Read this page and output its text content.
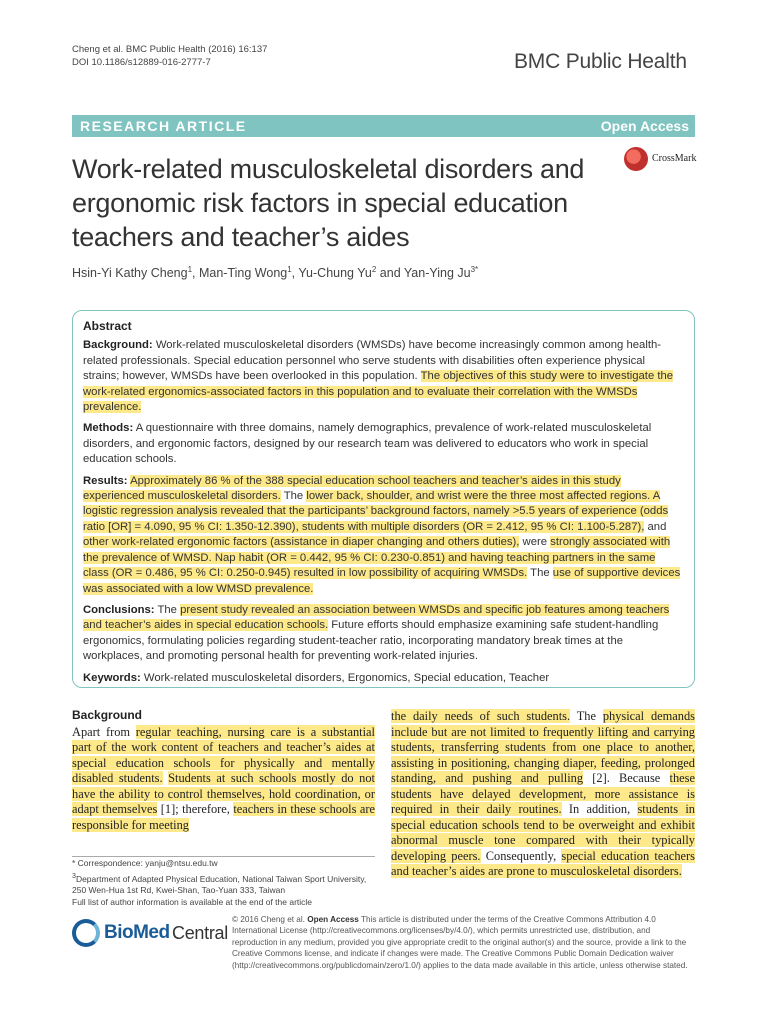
Cheng et al. BMC Public Health (2016) 16:137
DOI 10.1186/s12889-016-2777-7	BMC Public Health
RESEARCH ARTICLE	Open Access
Work-related musculoskeletal disorders and ergonomic risk factors in special education teachers and teacher’s aides
CrossMark
Hsin-Yi Kathy Cheng$^1$, Man-Ting Wong$^1$, Yu-Chung Yu$^2$ and Yan-Ying $Ju^{3*}$
Abstract

Background: Work-related musculoskeletal disorders (WMSDs) have become increasingly common among health-related professionals. Special education personnel who serve students with disabilities often experience physical strains; however, WMSDs have been overlooked in this population. The objectives of this study were to investigate the work-related ergonomics-associated factors in this population and to evaluate their correlation with the WMSDs prevalence.

Methods: A questionnaire with three domains, namely demographics, prevalence of work-related musculoskeletal disorders, and ergonomic factors, designed by our research team was delivered to educators who work in special education schools.

Results: Approximately 86 % of the 388 special education school teachers and teacher’s aides in this study experienced musculoskeletal disorders. The lower back, shoulder, and wrist were the three most affected regions. A logistic regression analysis revealed that the participants’ background factors, namely >5.5 years of experience (odds ratio [OR] = 4.090, 95 % CI: 1.350-12.390), students with multiple disorders (OR = 2.412, 95 % CI: 1.100-5.287), and other work-related ergonomic factors (assistance in diaper changing and others duties), were strongly associated with the prevalence of WMSD. Nap habit (OR = 0.442, 95 % CI: 0.230-0.851) and having teaching partners in the same class (OR = 0.486, 95 % CI: 0.250-0.945) resulted in low possibility of acquiring WMSDs. The use of supportive devices was associated with a low WMSD prevalence.

Conclusions: The present study revealed an association between WMSDs and specific job features among teachers and teacher’s aides in special education schools. Future efforts should emphasize examining safe student-handling ergonomics, formulating policies regarding student-teacher ratio, incorporating mandatory break times at the workplaces, and promoting personal health for preventing work-related injuries.

Keywords: Work-related musculoskeletal disorders, Ergonomics, Special education, Teacher

Background
Apart from regular teaching, nursing care is a substantial part of the work content of teachers and teacher’s aides at special education schools for physically and mentally disabled students. Students at such schools mostly do not have the ability to control themselves, hold coordination, or adapt themselves [1]; therefore, teachers in these schools are responsible for meeting
the daily needs of such students. The physical demands include but are not limited to frequently lifting and carrying students, transferring students from one place to another, assisting in positioning, changing diaper, feeding, prolonged standing, and pushing and pulling [2]. Because these students have delayed development, more assistance is required in their daily routines. In addition, students in special education schools tend to be overweight and exhibit abnormal muscle tone compared with their typically developing peers. Consequently, special education teachers and teacher’s aides are prone to musculoskeletal disorders.

* Correspondence: yanju@ntsu.edu.tw

$^3$Department of Adapted Physical Education, National Taiwan Sport University, 250 Wen-Hua 1st Rd, Kwei-Shan, Tao-Yuan 333, Taiwan

Full list of author information is available at the end of the article

BioMed Central
© 2016 Cheng et al. Open Access This article is distributed under the terms of the Creative Commons Attribution 4.0 International License (http://creativecommons.org/licenses/by/4.0/), which permits unrestricted use, distribution, and reproduction in any medium, provided you give appropriate credit to the original author(s) and the source, provide a link to the Creative Commons license, and indicate if changes were made. The Creative Commons Public Domain Dedication waiver (http://creativecommons.org/publicdomain/zero/1.0/) applies to the data made available in this article, unless otherwise stated.
